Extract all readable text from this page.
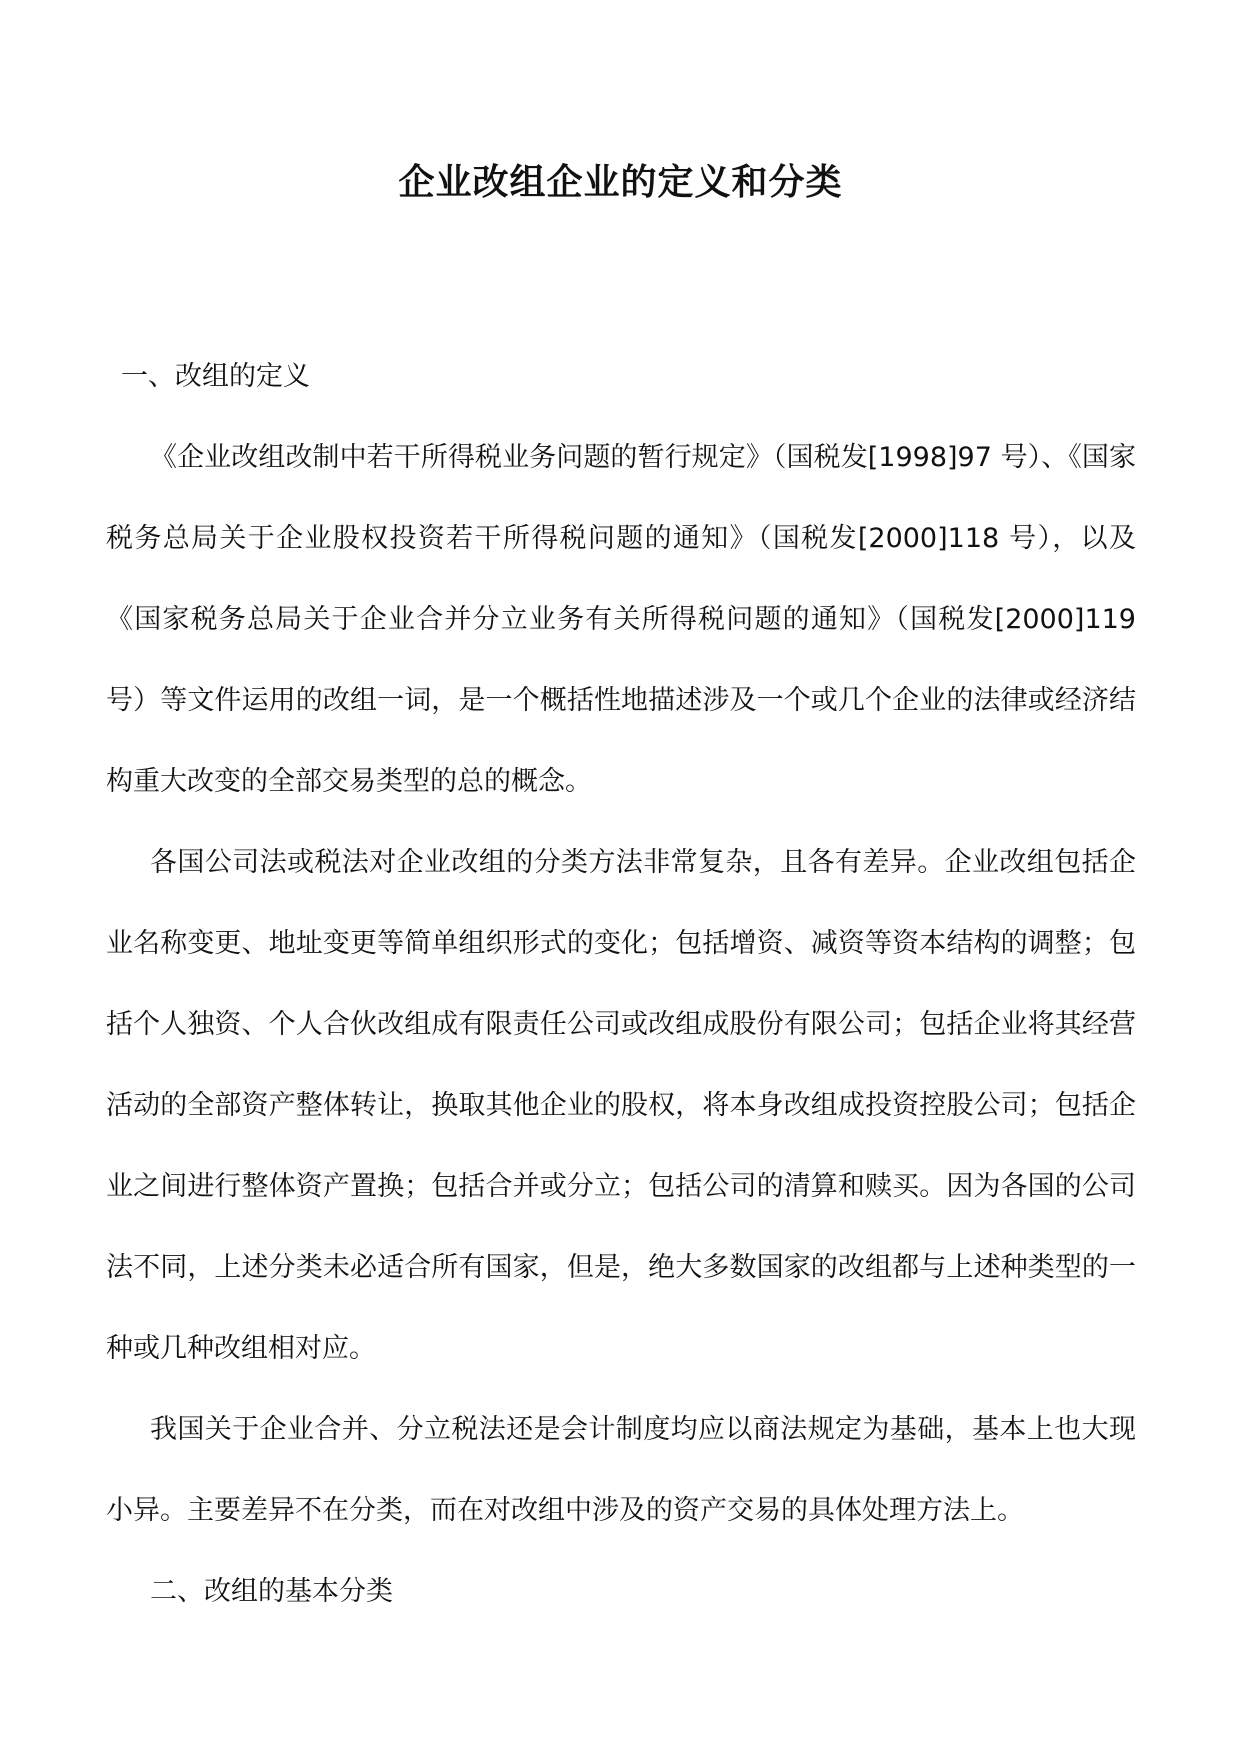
企业改组企业的定义和分类

一、改组的定义

《企业改组改制中若干所得税业务问题的暂行规定》（国税发[1998]97 号）、《国家税务总局关于企业股权投资若干所得税问题的通知》（国税发[2000]118 号），以及《国家税务总局关于企业合并分立业务有关所得税问题的通知》（国税发[2000]119 号）等文件运用的改组一词，是一个概括性地描述涉及一个或几个企业的法律或经济结构重大改变的全部交易类型的总的概念。

各国公司法或税法对企业改组的分类方法非常复杂，且各有差异。企业改组包括企业名称变更、地址变更等简单组织形式的变化；包括增资、减资等资本结构的调整；包括个人独资、个人合伙改组成有限责任公司或改组成股份有限公司；包括企业将其经营活动的全部资产整体转让，换取其他企业的股权，将本身改组成投资控股公司；包括企业之间进行整体资产置换；包括合并或分立；包括公司的清算和赎买。因为各国的公司法不同，上述分类未必适合所有国家，但是，绝大多数国家的改组都与上述种类型的一种或几种改组相对应。

我国关于企业合并、分立税法还是会计制度均应以商法规定为基础，基本上也大现小异。主要差异不在分类，而在对改组中涉及的资产交易的具体处理方法上。

二、改组的基本分类
